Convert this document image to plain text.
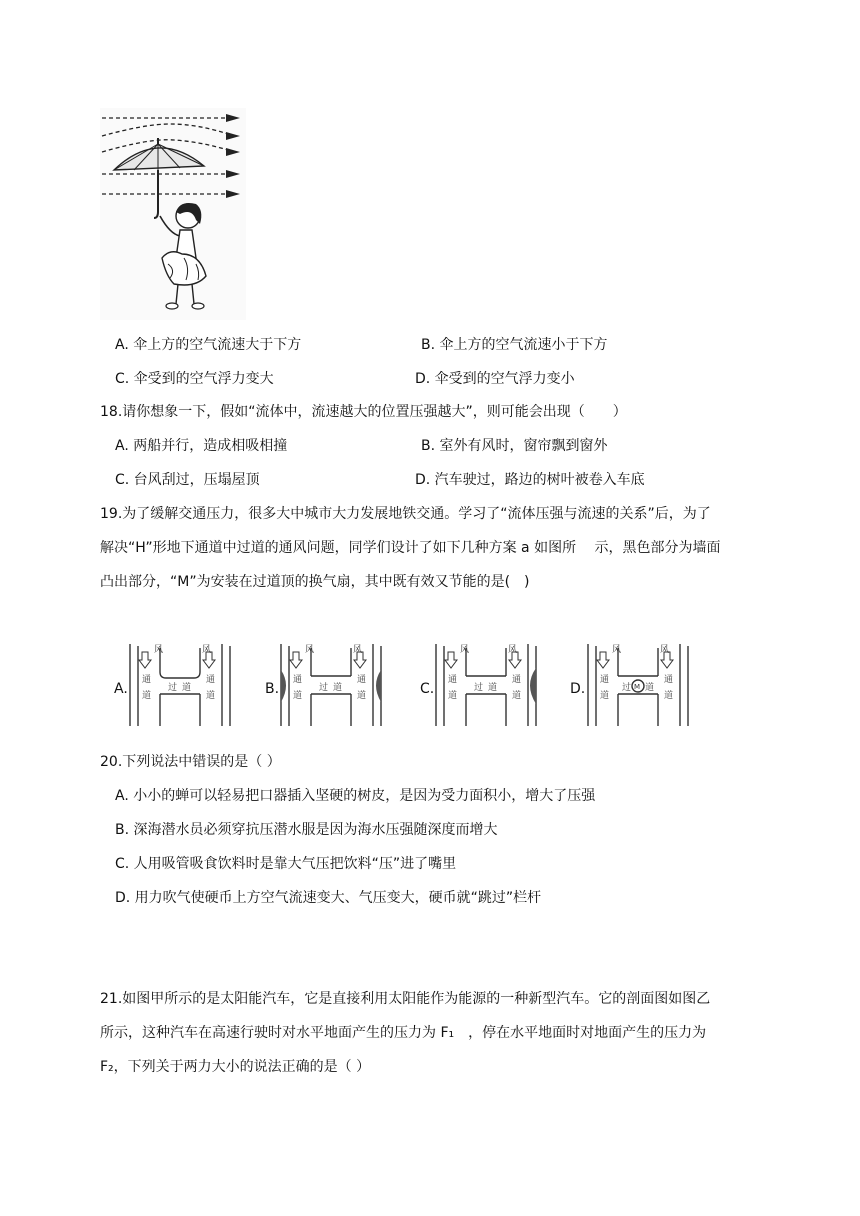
A. 伞上方的空气流速大于下方	B. 伞上方的空气流速小于下方
C. 伞受到的空气浮力变大	D. 伞受到的空气浮力变小
18.请你想象一下，假如“流体中，流速越大的位置压强越大”，则可能会出现（　　）
A. 两船并行，造成相吸相撞	B. 室外有风时，窗帘飘到窗外
C. 台风刮过，压塌屋顶	D. 汽车驶过，路边的树叶被卷入车底
19.为了缓解交通压力，很多大中城市大力发展地铁交通。学习了“流体压强与流速的关系”后，为了
解决“H”形地下通道中过道的通风问题，同学们设计了如下几种方案 a 如图所　 示，黑色部分为墙面
凸出部分，“M”为安装在过道顶的换气扇，其中既有效又节能的是(　)
A.	B.	C.	D.
风	风
通
道
通
道
过 道
风	风
通
道
通
道
过 道
风	风
通
道
通
道
过 道
风	风
通
道
通
道
过 M 道
20.下列说法中错误的是（ ）
A. 小小的蝉可以轻易把口器插入坚硬的树皮，是因为受力面积小，增大了压强
B. 深海潜水员必须穿抗压潜水服是因为海水压强随深度而增大
C. 人用吸管吸食饮料时是靠大气压把饮料“压”进了嘴里
D. 用力吹气使硬币上方空气流速变大、气压变大，硬币就“跳过”栏杆
21.如图甲所示的是太阳能汽车，它是直接利用太阳能作为能源的一种新型汽车。它的剖面图如图乙
所示，这种汽车在高速行驶时对水平地面产生的压力为 F₁　，停在水平地面时对地面产生的压力为
F₂，下列关于两力大小的说法正确的是（ ）
